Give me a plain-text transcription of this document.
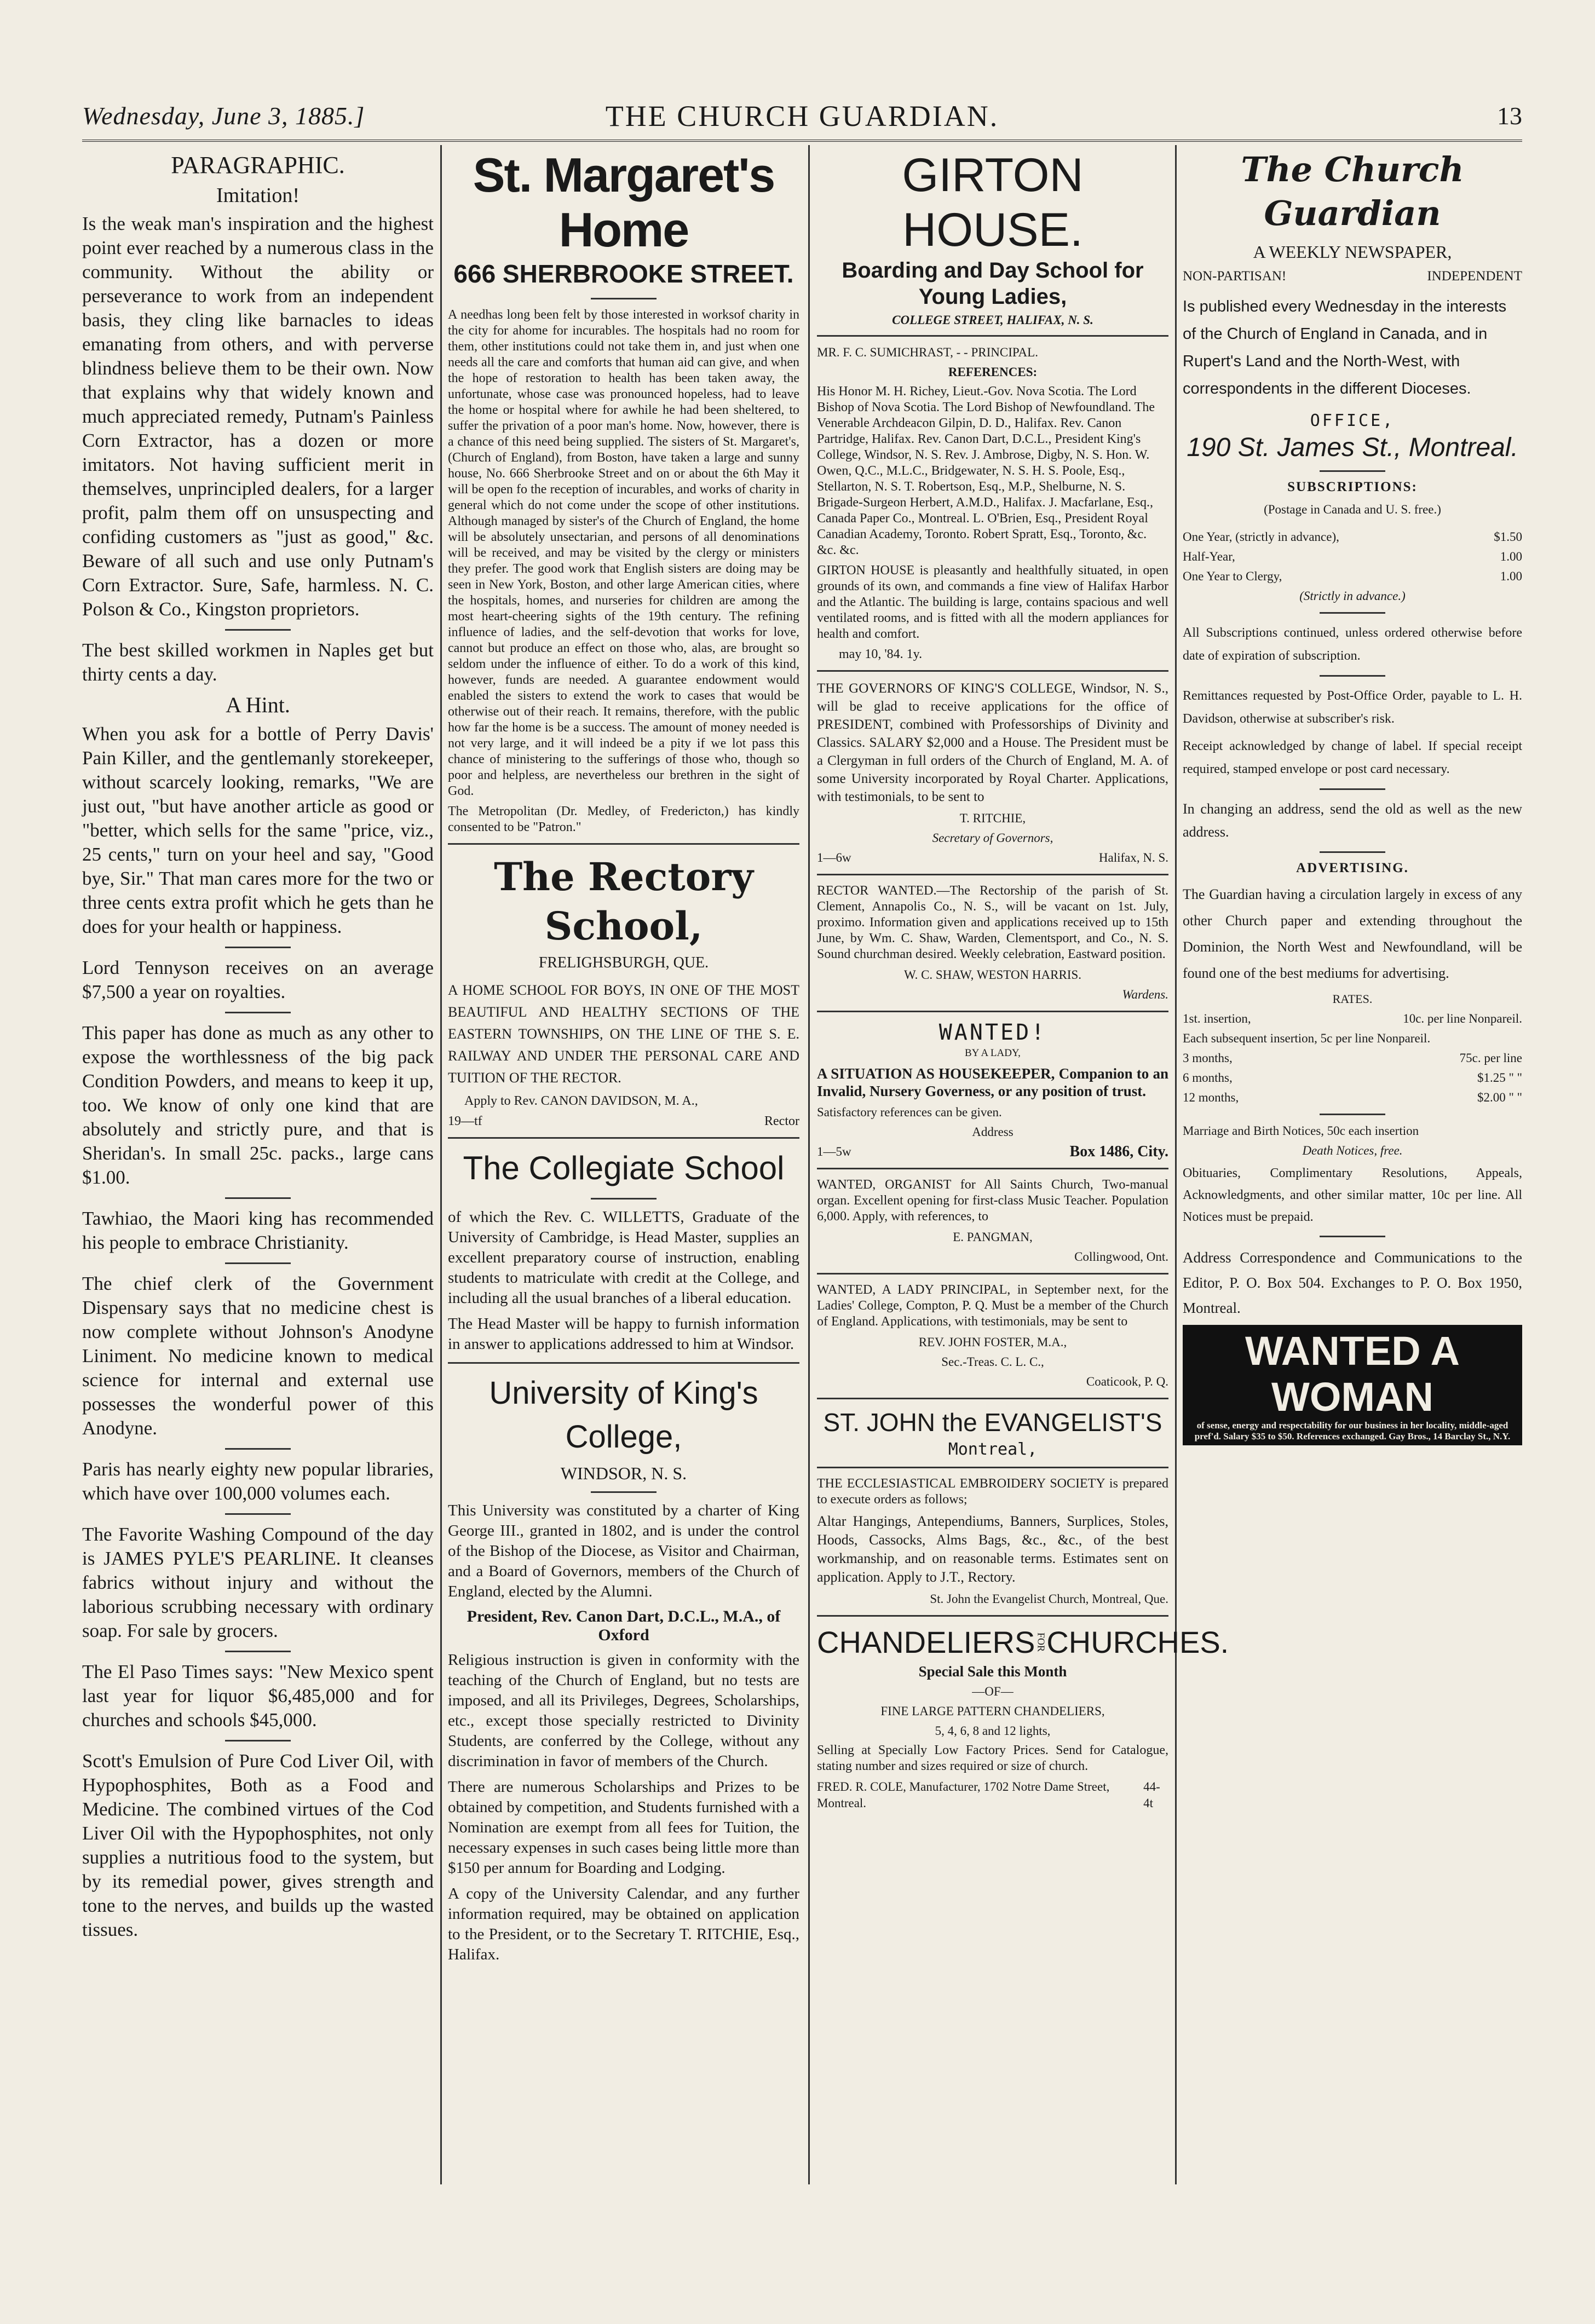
Wednesday, June 3, 1885.]	THE CHURCH GUARDIAN.	13
PARAGRAPHIC.
Imitation!

Is the weak man's inspiration and the highest point ever reached by a numerous class in the community. Without the ability or perseverance to work from an independent basis, they cling like barnacles to ideas emanating from others, and with perverse blindness believe them to be their own. Now that explains why that widely known and much appreciated remedy, Putnam's Painless Corn Extractor, has a dozen or more imitators. Not having sufficient merit in themselves, unprincipled dealers, for a larger profit, palm them off on unsuspecting and confiding customers as "just as good," &c. Beware of all such and use only Putnam's Corn Extractor. Sure, Safe, harmless. N. C. Polson & Co., Kingston proprietors.

The best skilled workmen in Naples get but thirty cents a day.

A Hint.

When you ask for a bottle of Perry Davis' Pain Killer, and the gentlemanly storekeeper, without scarcely looking, remarks, "We are just out, "but have another article as good or "better, which sells for the same "price, viz., 25 cents," turn on your heel and say, "Good bye, Sir." That man cares more for the two or three cents extra profit which he gets than he does for your health or happiness.

Lord Tennyson receives on an average $7,500 a year on royalties.

This paper has done as much as any other to expose the worthlessness of the big pack Condition Powders, and means to keep it up, too. We know of only one kind that are absolutely and strictly pure, and that is Sheridan's. In small 25c. packs., large cans $1.00.

Tawhiao, the Maori king has recommended his people to embrace Christianity.

The chief clerk of the Government Dispensary says that no medicine chest is now complete without Johnson's Anodyne Liniment. No medicine known to medical science for internal and external use possesses the wonderful power of this Anodyne.

Paris has nearly eighty new popular libraries, which have over 100,000 volumes each.

The Favorite Washing Compound of the day is JAMES PYLE'S PEARLINE. It cleanses fabrics without injury and without the laborious scrubbing necessary with ordinary soap. For sale by grocers.

The El Paso Times says: "New Mexico spent last year for liquor $6,485,000 and for churches and schools $45,000.

Scott's Emulsion of Pure Cod Liver Oil, with Hypophosphites, Both as a Food and Medicine. The combined virtues of the Cod Liver Oil with the Hypophosphites, not only supplies a nutritious food to the system, but by its remedial power, gives strength and tone to the nerves, and builds up the wasted tissues.

St. Margaret's Home
666 SHERBROOKE STREET.

A needhas long been felt by those interested in worksof charity in the city for ahome for incurables. The hospitals had no room for them, other institutions could not take them in, and just when one needs all the care and comforts that human aid can give, and when the hope of restoration to health has been taken away, the unfortunate, whose case was pronounced hopeless, had to leave the home or hospital where for awhile he had been sheltered, to suffer the privation of a poor man's home. Now, however, there is a chance of this need being supplied. The sisters of St. Margaret's, (Church of England), from Boston, have taken a large and sunny house, No. 666 Sherbrooke Street and on or about the 6th May it will be open fo the reception of incurables, and works of charity in general which do not come under the scope of other institutions. Although managed by sister's of the Church of England, the home will be absolutely unsectarian, and persons of all denominations will be received, and may be visited by the clergy or ministers they prefer. The good work that English sisters are doing may be seen in New York, Boston, and other large American cities, where the hospitals, homes, and nurseries for children are among the most heart-cheering sights of the 19th century. The refining influence of ladies, and the self-devotion that works for love, cannot but produce an effect on those who, alas, are brought so seldom under the influence of either. To do a work of this kind, however, funds are needed. A guarantee endowment would enabled the sisters to extend the work to cases that would be otherwise out of their reach. It remains, therefore, with the public how far the home is be a success. The amount of money needed is not very large, and it will indeed be a pity if we lot pass this chance of ministering to the sufferings of those who, though so poor and helpless, are nevertheless our brethren in the sight of God.

The Metropolitan (Dr. Medley, of Fredericton,) has kindly consented to be "Patron."

The Rectory School,
FRELIGHSBURGH, QUE.

A HOME SCHOOL FOR BOYS, IN ONE OF THE MOST BEAUTIFUL AND HEALTHY SECTIONS OF THE EASTERN TOWNSHIPS, ON THE LINE OF THE S. E. RAILWAY AND UNDER THE PERSONAL CARE AND TUITION OF THE RECTOR.

Apply to Rev. CANON DAVIDSON, M. A.,
19—tf	Rector
The Collegiate School

of which the Rev. C. WILLETTS, Graduate of the University of Cambridge, is Head Master, supplies an excellent preparatory course of instruction, enabling students to matriculate with credit at the College, and including all the usual branches of a liberal education.

The Head Master will be happy to furnish information in answer to applications addressed to him at Windsor.

University of King's College,
WINDSOR, N. S.

This University was constituted by a charter of King George III., granted in 1802, and is under the control of the Bishop of the Diocese, as Visitor and Chairman, and a Board of Governors, members of the Church of England, elected by the Alumni.

President, Rev. Canon Dart, D.C.L., M.A., of Oxford

Religious instruction is given in conformity with the teaching of the Church of England, but no tests are imposed, and all its Privileges, Degrees, Scholarships, etc., except those specially restricted to Divinity Students, are conferred by the College, without any discrimination in favor of members of the Church.

There are numerous Scholarships and Prizes to be obtained by competition, and Students furnished with a Nomination are exempt from all fees for Tuition, the necessary expenses in such cases being little more than $150 per annum for Boarding and Lodging.

A copy of the University Calendar, and any further information required, may be obtained on application to the President, or to the Secretary T. RITCHIE, Esq., Halifax.

GIRTON HOUSE.
Boarding and Day School for Young Ladies,
COLLEGE STREET, HALIFAX, N. S.
MR. F. C. SUMICHRAST, - - PRINCIPAL.
REFERENCES:

His Honor M. H. Richey, Lieut.-Gov. Nova Scotia. The Lord Bishop of Nova Scotia. The Lord Bishop of Newfoundland. The Venerable Archdeacon Gilpin, D. D., Halifax. Rev. Canon Partridge, Halifax. Rev. Canon Dart, D.C.L., President King's College, Windsor, N. S. Rev. J. Ambrose, Digby, N. S. Hon. W. Owen, Q.C., M.L.C., Bridgewater, N. S. H. S. Poole, Esq., Stellarton, N. S. T. Robertson, Esq., M.P., Shelburne, N. S. Brigade-Surgeon Herbert, A.M.D., Halifax. J. Macfarlane, Esq., Canada Paper Co., Montreal. L. O'Brien, Esq., President Royal Canadian Academy, Toronto. Robert Spratt, Esq., Toronto, &c. &c. &c.

GIRTON HOUSE is pleasantly and healthfully situated, in open grounds of its own, and commands a fine view of Halifax Harbor and the Atlantic. The building is large, contains spacious and well ventilated rooms, and is fitted with all the modern appliances for health and comfort.

may 10, '84. 1y.

THE GOVERNORS OF KING'S COLLEGE, Windsor, N. S., will be glad to receive applications for the office of PRESIDENT, combined with Professorships of Divinity and Classics. SALARY $2,000 and a House. The President must be a Clergyman in full orders of the Church of England, M. A. of some University incorporated by Royal Charter. Applications, with testimonials, to be sent to

T. RITCHIE,
Secretary of Governors,
1—6w	Halifax, N. S.

RECTOR WANTED.—The Rectorship of the parish of St. Clement, Annapolis Co., N. S., will be vacant on 1st. July, proximo. Information given and applications received up to 15th June, by Wm. C. Shaw, Warden, Clementsport, and Co., N. S. Sound churchman desired. Weekly celebration, Eastward position.

W. C. SHAW, WESTON HARRIS.
Wardens.
WANTED!
BY A LADY,

A SITUATION AS HOUSEKEEPER, Companion to an Invalid, Nursery Governess, or any position of trust.

Satisfactory references can be given.
Address
1—5w	Box 1486, City.

WANTED, ORGANIST for All Saints Church, Two-manual organ. Excellent opening for first-class Music Teacher. Population 6,000. Apply, with references, to

E. PANGMAN,
Collingwood, Ont.

WANTED, A LADY PRINCIPAL, in September next, for the Ladies' College, Compton, P. Q. Must be a member of the Church of England. Applications, with testimonials, may be sent to

REV. JOHN FOSTER, M.A.,
Sec.-Treas. C. L. C.,
Coaticook, P. Q.
ST. JOHN the EVANGELIST'S
Montreal,

THE ECCLESIASTICAL EMBROIDERY SOCIETY is prepared to execute orders as follows;

Altar Hangings, Antependiums, Banners, Surplices, Stoles, Hoods, Cassocks, Alms Bags, &c., &c., of the best workmanship, and on reasonable terms. Estimates sent on application. Apply to J.T., Rectory.

St. John the Evangelist Church, Montreal, Que.
CHANDELIERS FOR CHURCHES.
Special Sale this Month
—OF—
FINE LARGE PATTERN CHANDELIERS,
5, 4, 6, 8 and 12 lights,

Selling at Specially Low Factory Prices. Send for Catalogue, stating number and sizes required or size of church.

FRED. R. COLE, Manufacturer, 1702 Notre Dame Street, Montreal.
44-4t
The Church Guardian
A WEEKLY NEWSPAPER,
NON-PARTISAN!	INDEPENDENT

Is published every Wednesday in the interests of the Church of England in Canada, and in Rupert's Land and the North-West, with correspondents in the different Dioceses.

OFFICE,
190 St. James St., Montreal.
SUBSCRIPTIONS:
(Postage in Canada and U. S. free.)
One Year, (strictly in advance),	$1.50
Half-Year,	1.00
One Year to Clergy,	1.00
(Strictly in advance.)

All Subscriptions continued, unless ordered otherwise before date of expiration of subscription.

Remittances requested by Post-Office Order, payable to L. H. Davidson, otherwise at subscriber's risk.

Receipt acknowledged by change of label. If special receipt required, stamped envelope or post card necessary.

In changing an address, send the old as well as the new address.

ADVERTISING.

The Guardian having a circulation largely in excess of any other Church paper and extending throughout the Dominion, the North West and Newfoundland, will be found one of the best mediums for advertising.

RATES.
1st. insertion,	10c. per line Nonpareil.
Each subsequent insertion, 5c per line Nonpareil.
3 months,	75c. per line
6 months,	$1.25 " "
12 months,	$2.00 " "
Marriage and Birth Notices, 50c each insertion
Death Notices, free.

Obituaries, Complimentary Resolutions, Appeals, Acknowledgments, and other similar matter, 10c per line. All Notices must be prepaid.

Address Correspondence and Communications to the Editor, P. O. Box 504. Exchanges to P. O. Box 1950, Montreal.

WANTED A WOMAN
of sense, energy and respectability for our business in her locality, middle-aged pref'd. Salary $35 to $50. References exchanged. Gay Bros., 14 Barclay St., N.Y.
